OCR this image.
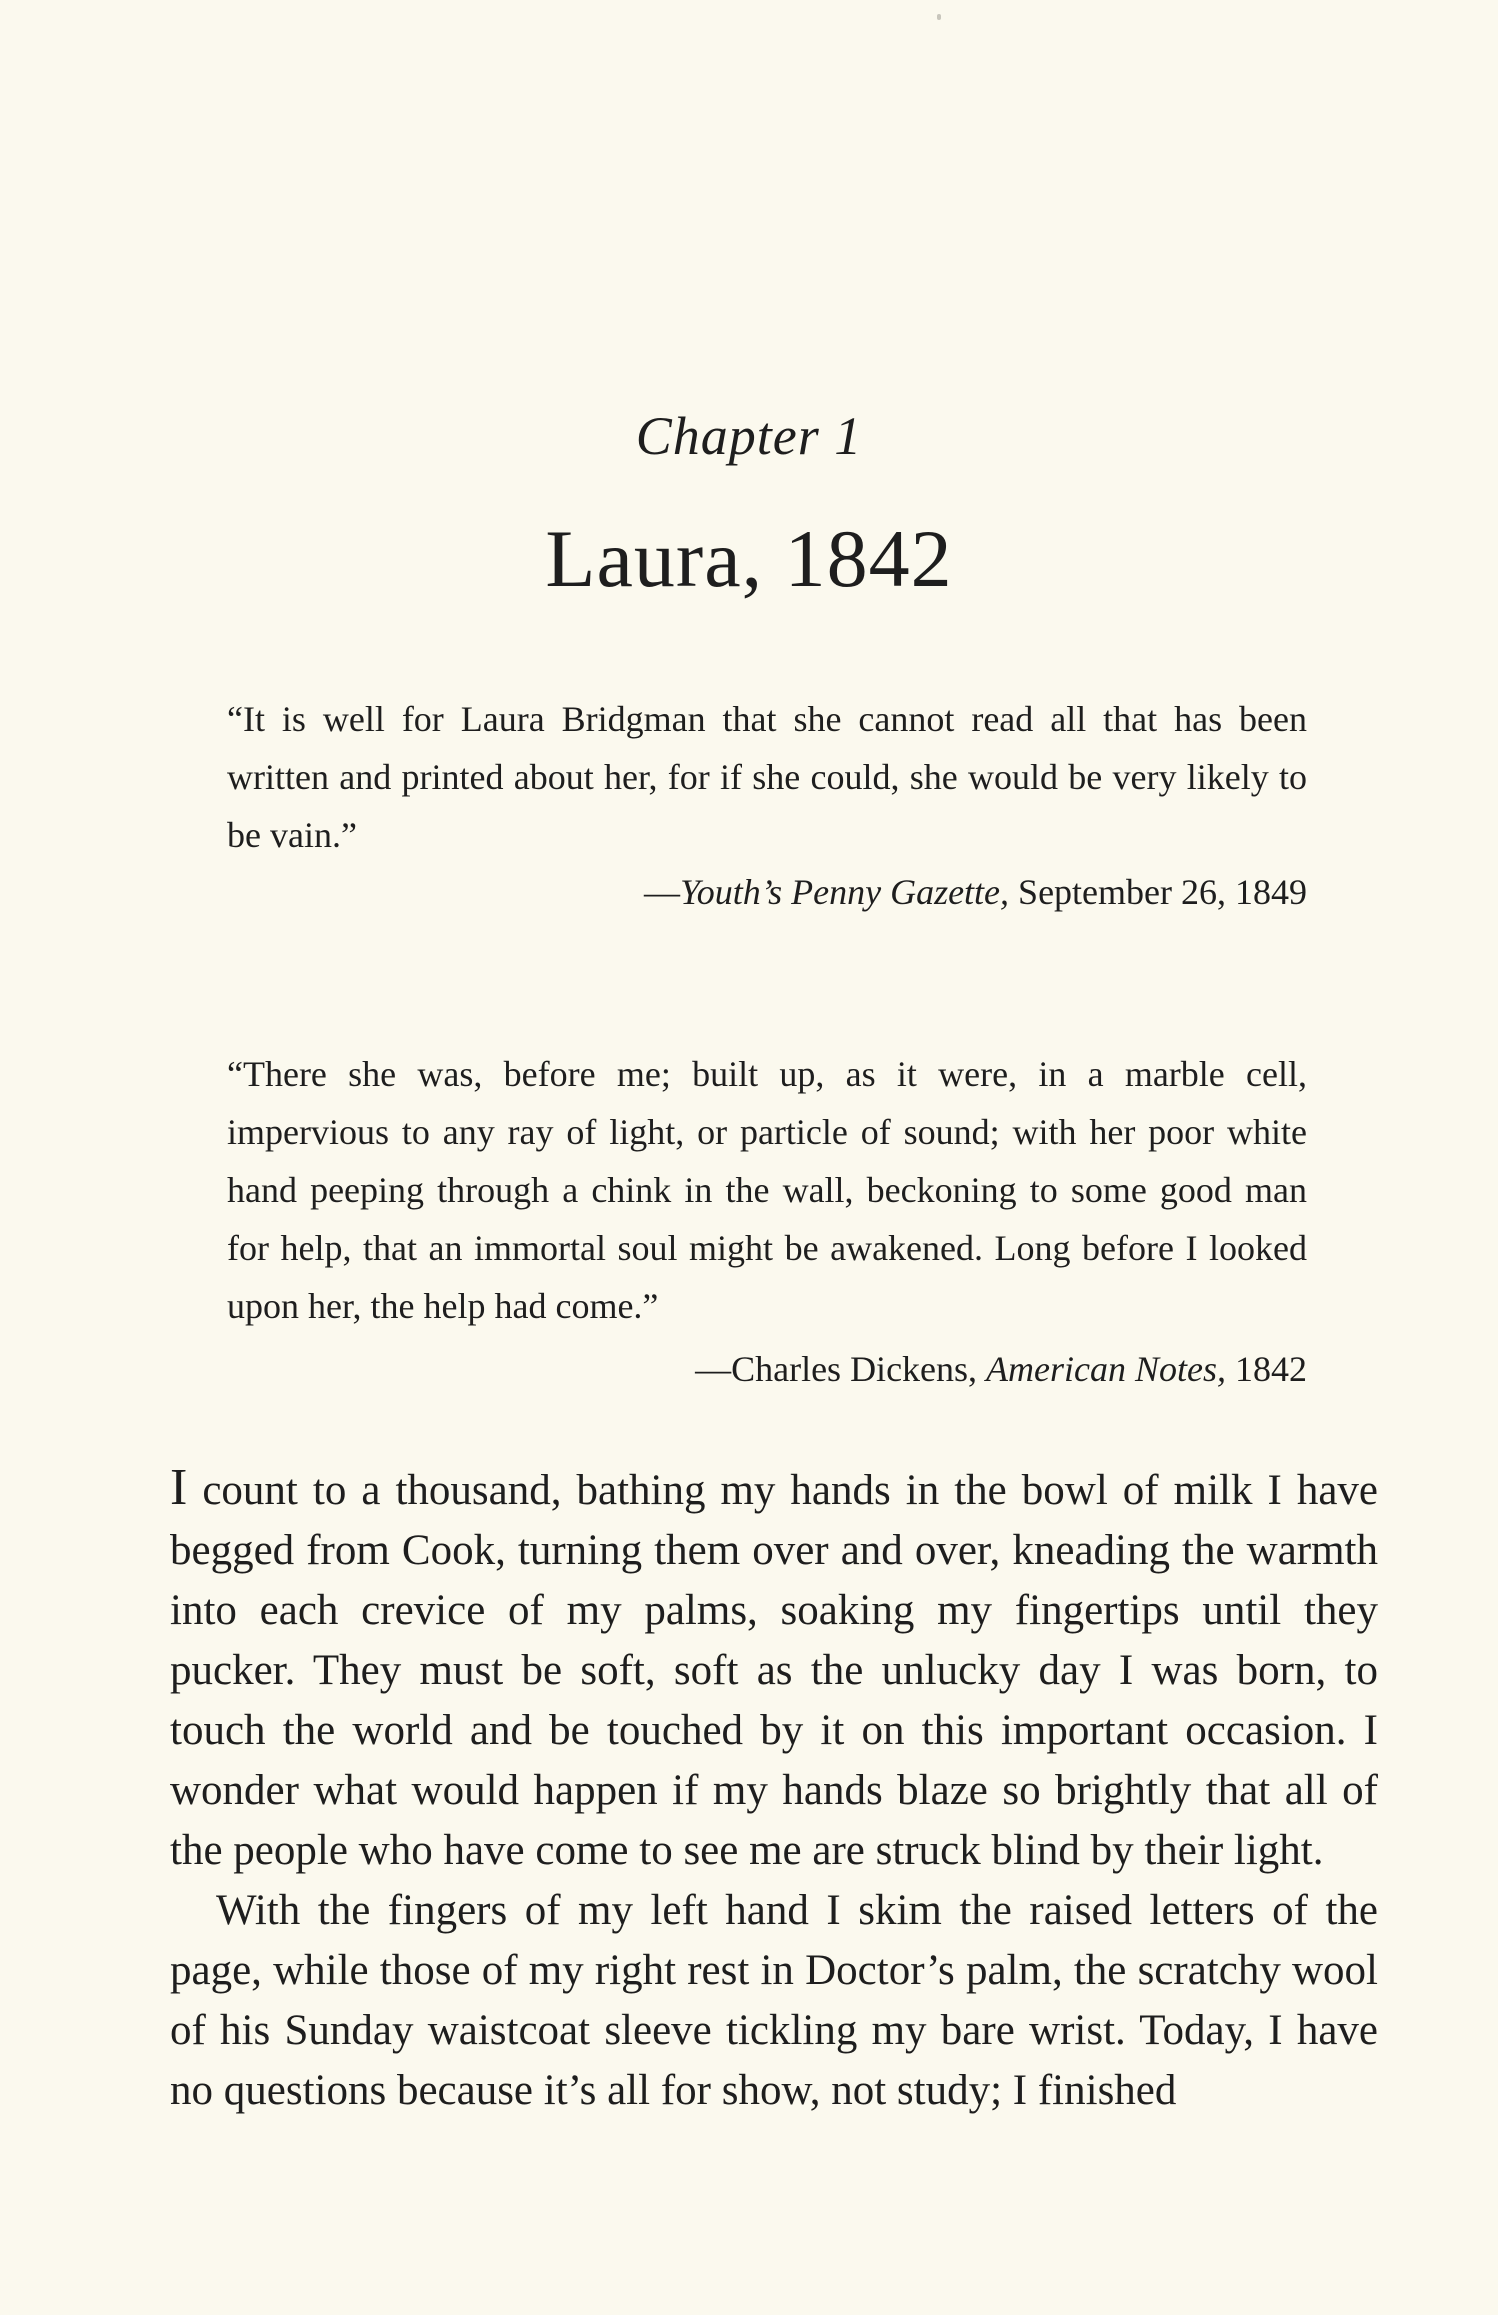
Chapter 1
Laura, 1842

“It is well for Laura Bridgman that she cannot read all that has been written and printed about her, for if she could, she would be very likely to be vain.”

—Youth’s Penny Gazette, September 26, 1849

“There she was, before me; built up, as it were, in a marble cell, impervious to any ray of light, or particle of sound; with her poor white hand peeping through a chink in the wall, beckoning to some good man for help, that an immortal soul might be awakened. Long before I looked upon her, the help had come.”

—Charles Dickens, American Notes, 1842

I count to a thousand, bathing my hands in the bowl of milk I have begged from Cook, turning them over and over, kneading the warmth into each crevice of my palms, soaking my fingertips until they pucker. They must be soft, soft as the unlucky day I was born, to touch the world and be touched by it on this important occasion. I wonder what would happen if my hands blaze so brightly that all of the people who have come to see me are struck blind by their light.

With the fingers of my left hand I skim the raised letters of the page, while those of my right rest in Doctor’s palm, the scratchy wool of his Sunday waistcoat sleeve tickling my bare wrist. Today, I have no questions because it’s all for show, not study; I finished
